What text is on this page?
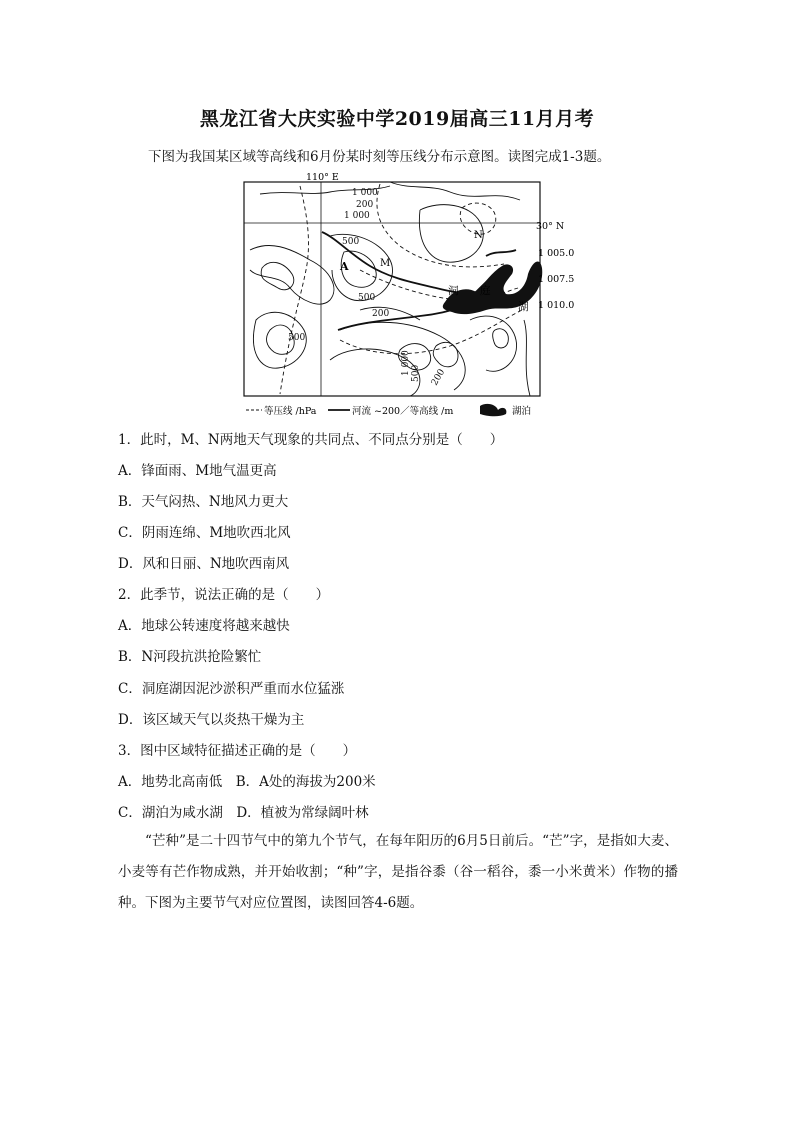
黑龙江省大庆实验中学2019届高三11月月考
下图为我国某区域等高线和6月份某时刻等压线分布示意图。读图完成1-3题。
1 000
200
1 000
500
500
200
500
1 000 500 200
110° E
30° N
1 005.0
1 007.5
1 010.0
A	M
N
洞 庭
湖
等压线 /hPa	河流 ~200／等高线 /m	湖泊
1．此时，M、N两地天气现象的共同点、不同点分别是（　　）
A．锋面雨、M地气温更高
B．天气闷热、N地风力更大
C．阴雨连绵、M地吹西北风
D．风和日丽、N地吹西南风
2．此季节，说法正确的是（　　）
A．地球公转速度将越来越快
B．N河段抗洪抢险繁忙
C．洞庭湖因泥沙淤积严重而水位猛涨
D．该区域天气以炎热干燥为主
3．图中区域特征描述正确的是（　　）
A．地势北高南低　B．A处的海拔为200米
C．湖泊为咸水湖　D．植被为常绿阔叶林
“芒种”是二十四节气中的第九个节气，在每年阳历的6月5日前后。“芒”字，是指如大麦、小麦等有芒作物成熟，并开始收割；“种”字，是指谷黍（谷一稻谷，黍一小米黄米）作物的播种。下图为主要节气对应位置图，读图回答4-6题。
